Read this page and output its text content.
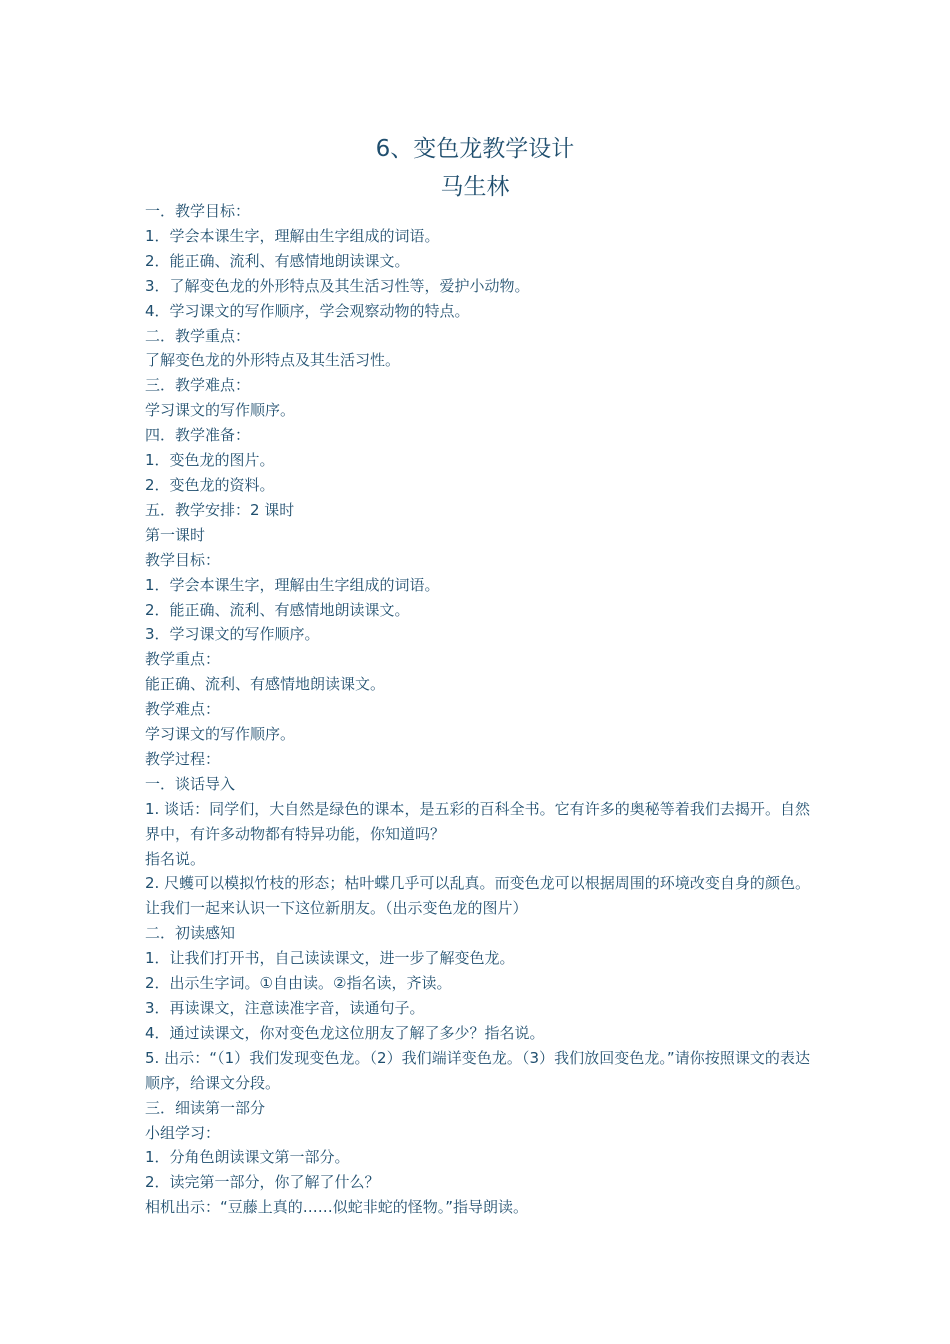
6、变色龙教学设计
马生林
一．教学目标：
1．学会本课生字，理解由生字组成的词语。
2．能正确、流利、有感情地朗读课文。
3．了解变色龙的外形特点及其生活习性等，爱护小动物。
4．学习课文的写作顺序，学会观察动物的特点。
二．教学重点：
了解变色龙的外形特点及其生活习性。
三．教学难点：
学习课文的写作顺序。
四．教学准备：
1．变色龙的图片。
2．变色龙的资料。
五．教学安排：2 课时
第一课时
教学目标：
1．学会本课生字，理解由生字组成的词语。
2．能正确、流利、有感情地朗读课文。
3．学习课文的写作顺序。
教学重点：
能正确、流利、有感情地朗读课文。
教学难点：
学习课文的写作顺序。
教学过程：
一．谈话导入
1. 谈话：同学们，大自然是绿色的课本，是五彩的百科全书。它有许多的奥秘等着我们去揭开。自然界中，有许多动物都有特异功能，你知道吗？
指名说。
2. 尺蠖可以模拟竹枝的形态；枯叶蝶几乎可以乱真。而变色龙可以根据周围的环境改变自身的颜色。让我们一起来认识一下这位新朋友。（出示变色龙的图片）
二．初读感知
1．让我们打开书，自己读读课文，进一步了解变色龙。
2．出示生字词。①自由读。②指名读，齐读。
3．再读课文，注意读准字音，读通句子。
4．通过读课文，你对变色龙这位朋友了解了多少？指名说。
5. 出示：“（1）我们发现变色龙。（2）我们端详变色龙。（3）我们放回变色龙。”请你按照课文的表达顺序，给课文分段。
三．细读第一部分
小组学习：
1．分角色朗读课文第一部分。
2．读完第一部分，你了解了什么？
相机出示：“豆藤上真的……似蛇非蛇的怪物。”指导朗读。
